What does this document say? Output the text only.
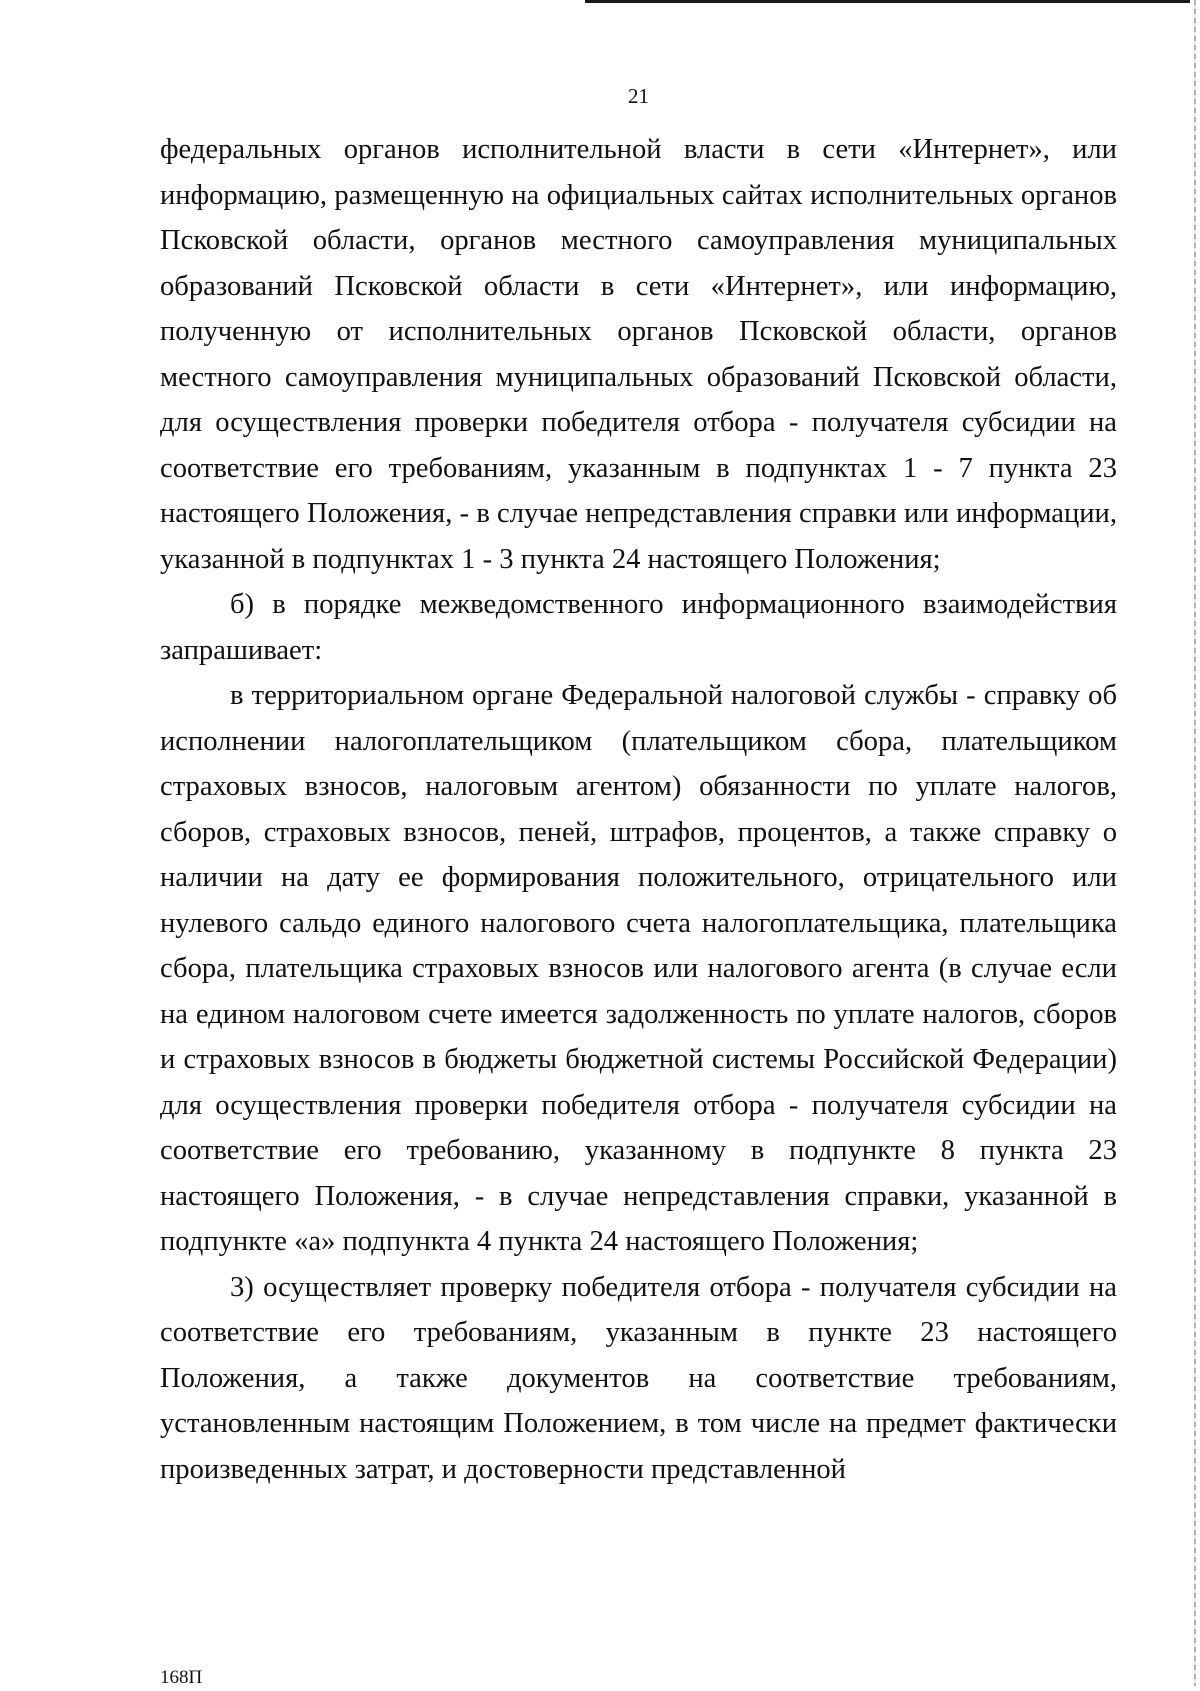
21

федеральных органов исполнительной власти в сети «Интернет», или информацию, размещенную на официальных сайтах исполнительных органов Псковской области, органов местного самоуправления муниципальных образований Псковской области в сети «Интернет», или информацию, полученную от исполнительных органов Псковской области, органов местного самоуправления муниципальных образований Псковской области, для осуществления проверки победителя отбора - получателя субсидии на соответствие его требованиям, указанным в подпунктах 1 - 7 пункта 23 настоящего Положения, - в случае непредставления справки или информации, указанной в подпунктах 1 - 3 пункта 24 настоящего Положения;

б) в порядке межведомственного информационного взаимодействия запрашивает:

в территориальном органе Федеральной налоговой службы - справку об исполнении налогоплательщиком (плательщиком сбора, плательщиком страховых взносов, налоговым агентом) обязанности по уплате налогов, сборов, страховых взносов, пеней, штрафов, процентов, а также справку о наличии на дату ее формирования положительного, отрицательного или нулевого сальдо единого налогового счета налогоплательщика, плательщика сбора, плательщика страховых взносов или налогового агента (в случае если на едином налоговом счете имеется задолженность по уплате налогов, сборов и страховых взносов в бюджеты бюджетной системы Российской Федерации) для осуществления проверки победителя отбора - получателя субсидии на соответствие его требованию, указанному в подпункте 8 пункта 23 настоящего Положения, - в случае непредставления справки, указанной в подпункте «а» подпункта 4 пункта 24 настоящего Положения;

3) осуществляет проверку победителя отбора - получателя субсидии на соответствие его требованиям, указанным в пункте 23 настоящего Положения, а также документов на соответствие требованиям, установленным настоящим Положением, в том числе на предмет фактически произведенных затрат, и достоверности представленной

168П
